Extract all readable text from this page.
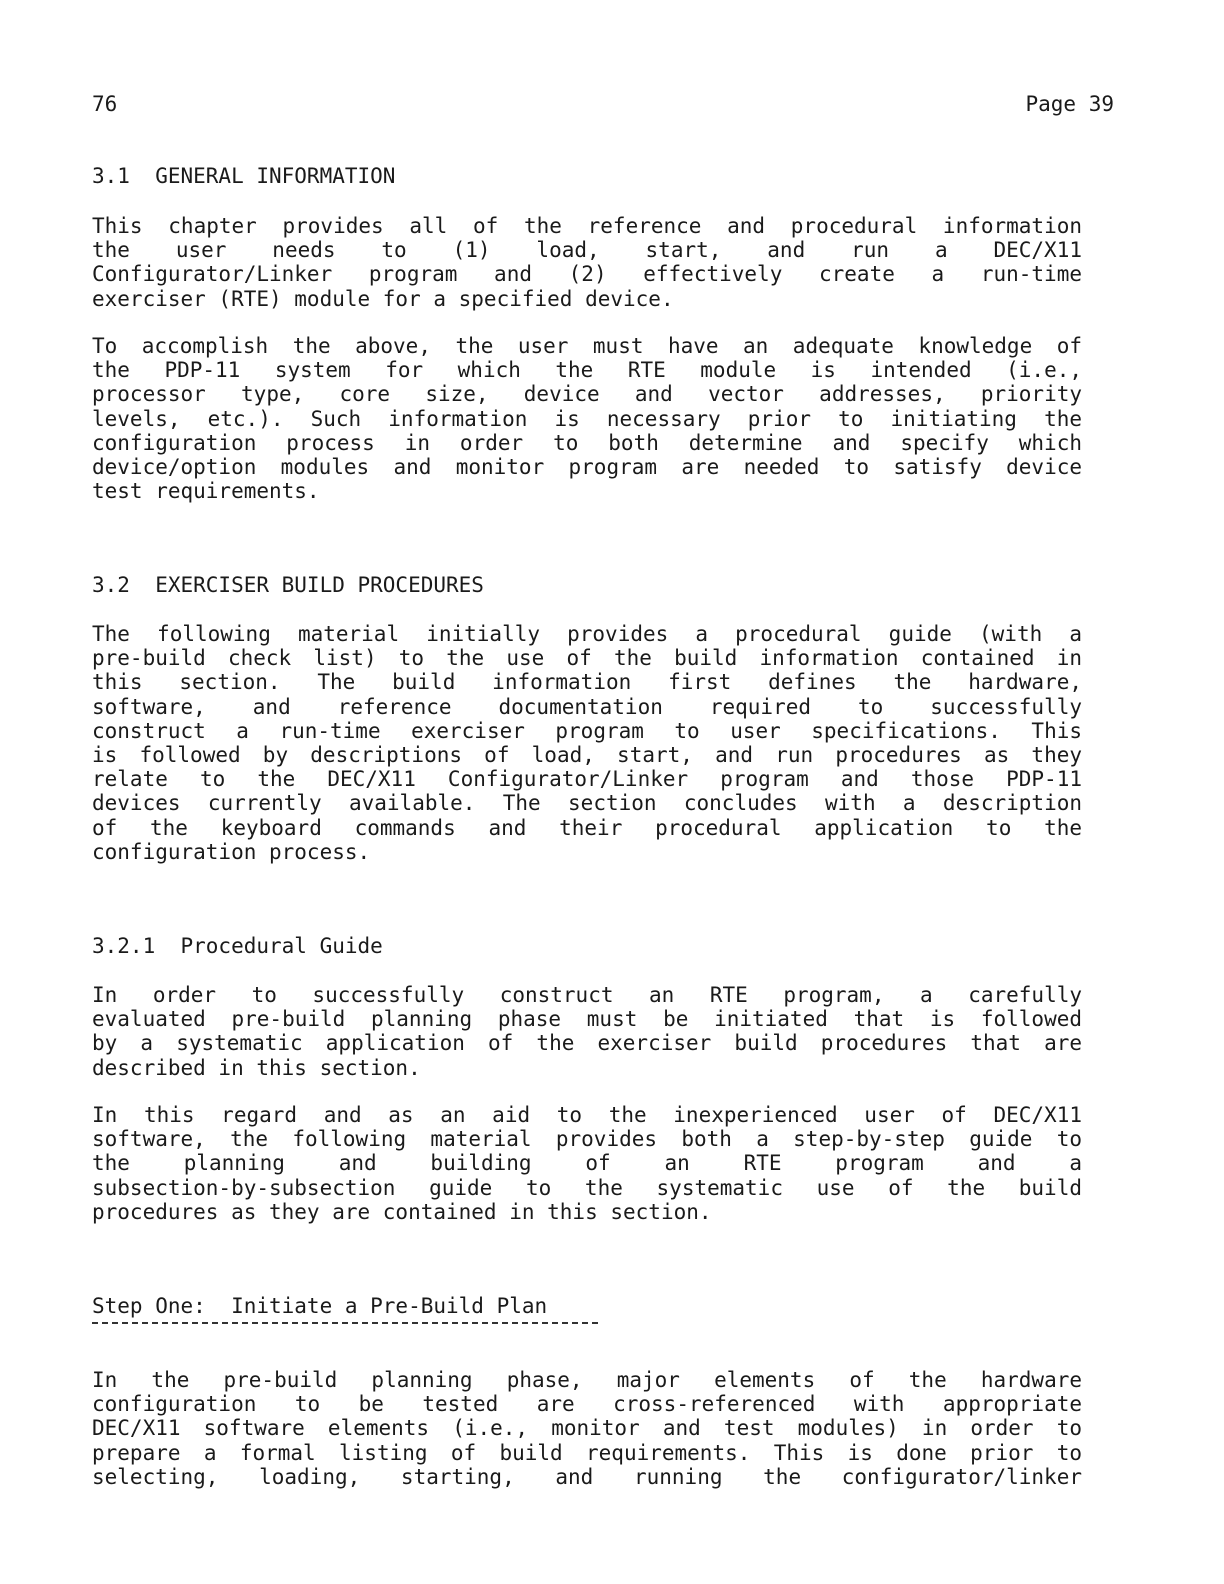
76	Page 39
3.1  GENERAL INFORMATION
This chapter provides all of the reference and procedural information
the user needs to (1) load, start, and run a DEC/X11
Configurator/Linker program and (2) effectively create a run-time
exerciser (RTE) module for a specified device.
To accomplish the above, the user must have an adequate knowledge of
the PDP-11 system for which the RTE module is intended (i.e.,
processor type, core size, device and vector addresses, priority
levels, etc.). Such information is necessary prior to initiating the
configuration process in order to both determine and specify which
device/option modules and monitor program are needed to satisfy device
test requirements.
3.2  EXERCISER BUILD PROCEDURES
The following material initially provides a procedural guide (with a
pre-build check list) to the use of the build information contained in
this section. The build information first defines the hardware,
software, and reference documentation required to successfully
construct a run-time exerciser program to user specifications. This
is followed by descriptions of load, start, and run procedures as they
relate to the DEC/X11 Configurator/Linker program and those PDP-11
devices currently available. The section concludes with a description
of the keyboard commands and their procedural application to the
configuration process.
3.2.1  Procedural Guide
In order to successfully construct an RTE program, a carefully
evaluated pre-build planning phase must be initiated that is followed
by a systematic application of the exerciser build procedures that are
described in this section.
In this regard and as an aid to the inexperienced user of DEC/X11
software, the following material provides both a step-by-step guide to
the planning and building of an RTE program and a
subsection-by-subsection guide to the systematic use of the build
procedures as they are contained in this section.
Step One:  Initiate a Pre-Build Plan
In the pre-build planning phase, major elements of the hardware
configuration to be tested are cross-referenced with appropriate
DEC/X11 software elements (i.e., monitor and test modules) in order to
prepare a formal listing of build requirements. This is done prior to
selecting, loading, starting, and running the configurator/linker
